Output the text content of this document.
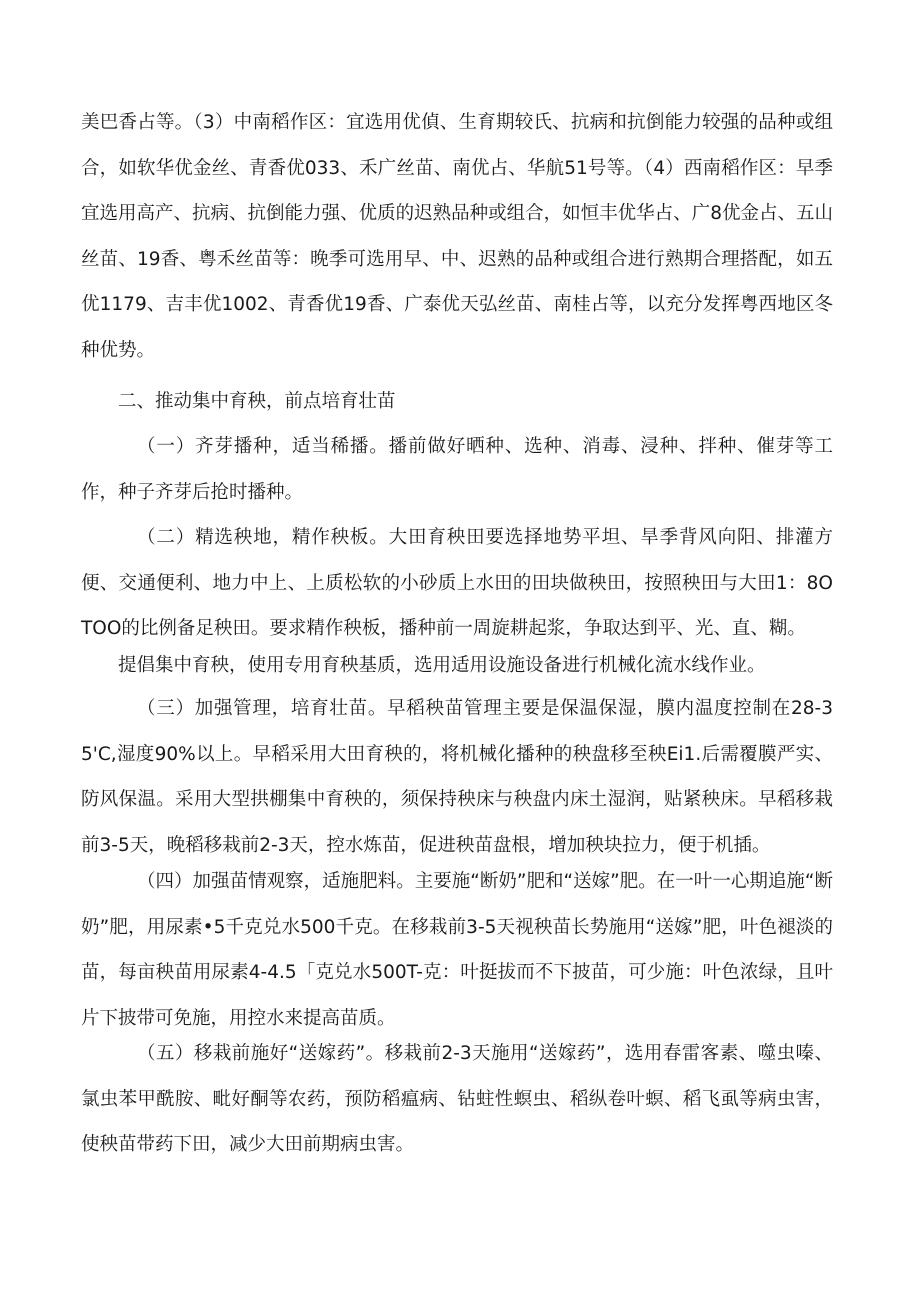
美巴香占等。（3）中南稻作区：宜选用优偵、生育期较氏、抗病和抗倒能力较强的品种或组合，如软华优金丝、青香优033、禾广丝苗、南优占、华航51号等。（4）西南稻作区：早季宜选用高产、抗病、抗倒能力强、优质的迟熟品种或组合，如恒丰优华占、广8优金占、五山丝苗、19香、粤禾丝苗等：晚季可选用早、中、迟熟的品种或组合进行熟期合理搭配，如五优1179、吉丰优1002、青香优19香、广泰优天弘丝苗、南桂占等，以充分发挥粤西地区冬种优势。

二、推动集中育秧，前点培育壮苗

（一）齐芽播种，适当稀播。播前做好晒种、选种、消毒、浸种、拌种、催芽等工作，种子齐芽后抢时播种。

（二）精选秧地，精作秧板。大田育秧田要选择地势平坦、旱季背风向阳、排灌方便、交通便利、地力中上、上质松软的小砂质上水田的田块做秧田，按照秧田与大田1：8OTOO的比例备足秧田。要求精作秧板，播种前一周旋耕起浆，争取达到平、光、直、糊。

提倡集中育秧，使用专用育秧基质，选用适用设施设备进行机械化流水线作业。

（三）加强管理，培育壮苗。早稻秧苗管理主要是保温保湿，膜内温度控制在28-35'C,湿度90%以上。早稻采用大田育秧的，将机械化播种的秧盘移至秧Ei1.后需覆膜严实、防风保温。采用大型拱棚集中育秧的，须保持秧床与秧盘内床土湿润，贴紧秧床。早稻移栽前3-5天，晚稻移栽前2-3天，控水炼苗，促进秧苗盘根，增加秧块拉力，便于机插。

（四）加强苗情观察，适施肥料。主要施“断奶”肥和“送嫁”肥。在一叶一心期追施“断奶”肥，用尿素•5千克兑水500千克。在移栽前3-5天视秧苗长势施用“送嫁”肥，叶色褪淡的苗，每亩秧苗用尿素4-4.5「克兑水500T-克：叶挺拔而不下披苗，可少施：叶色浓绿，且叶片下披带可免施，用控水来提高苗质。

（五）移栽前施好“送嫁药”。移栽前2-3天施用“送嫁药”，选用春雷客素、噬虫嗪、氯虫苯甲酰胺、毗好酮等农药，预防稻瘟病、钻蛀性螟虫、稻纵卷叶螟、稻飞虱等病虫害，使秧苗带药下田，减少大田前期病虫害。
